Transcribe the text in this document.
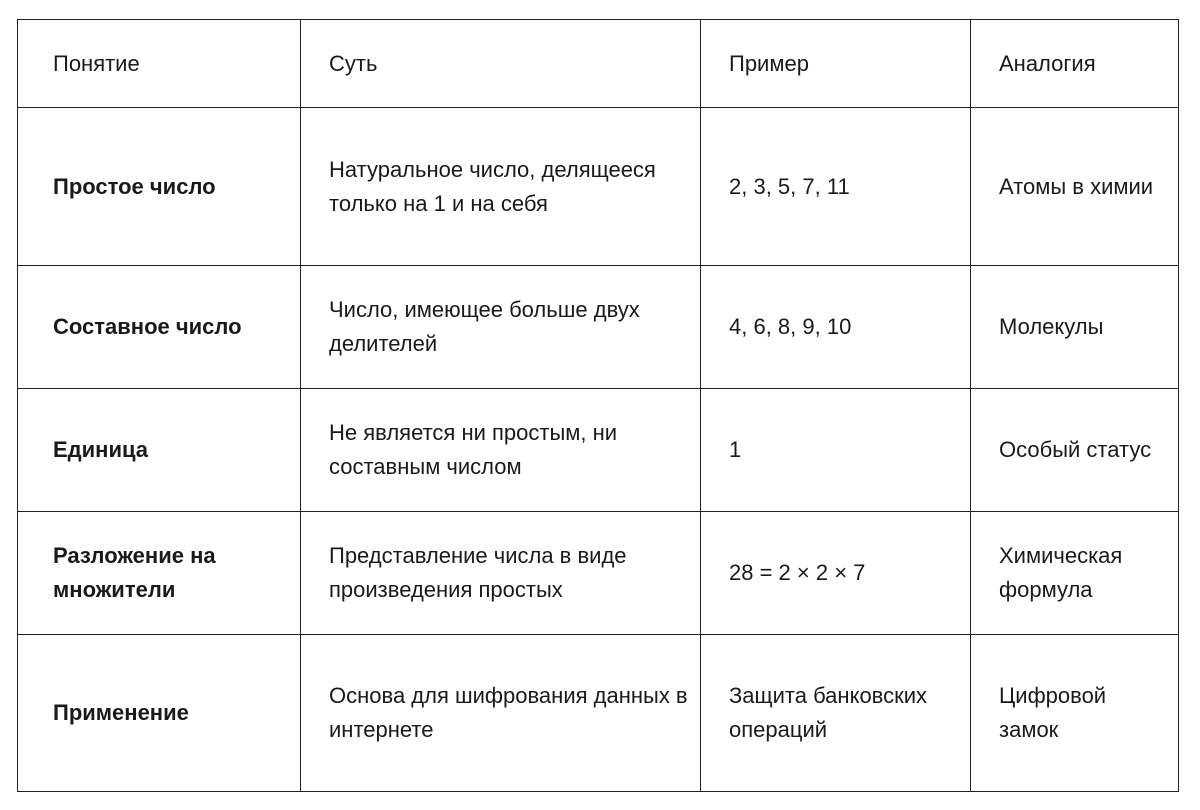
Понятие	Суть	Пример	Аналогия
Простое число	Натуральное число, делящееся только на 1 и на себя	2, 3, 5, 7, 11	Атомы в химии
Составное число	Число, имеющее больше двух делителей	4, 6, 8, 9, 10	Молекулы
Единица	Не является ни простым, ни составным числом	1	Особый статус
Разложение на множители	Представление числа в виде произведения простых	28 = 2 × 2 × 7	Химическая формула
Применение	Основа для шифрования данных в интернете	Защита банковских операций	Цифровой замок
